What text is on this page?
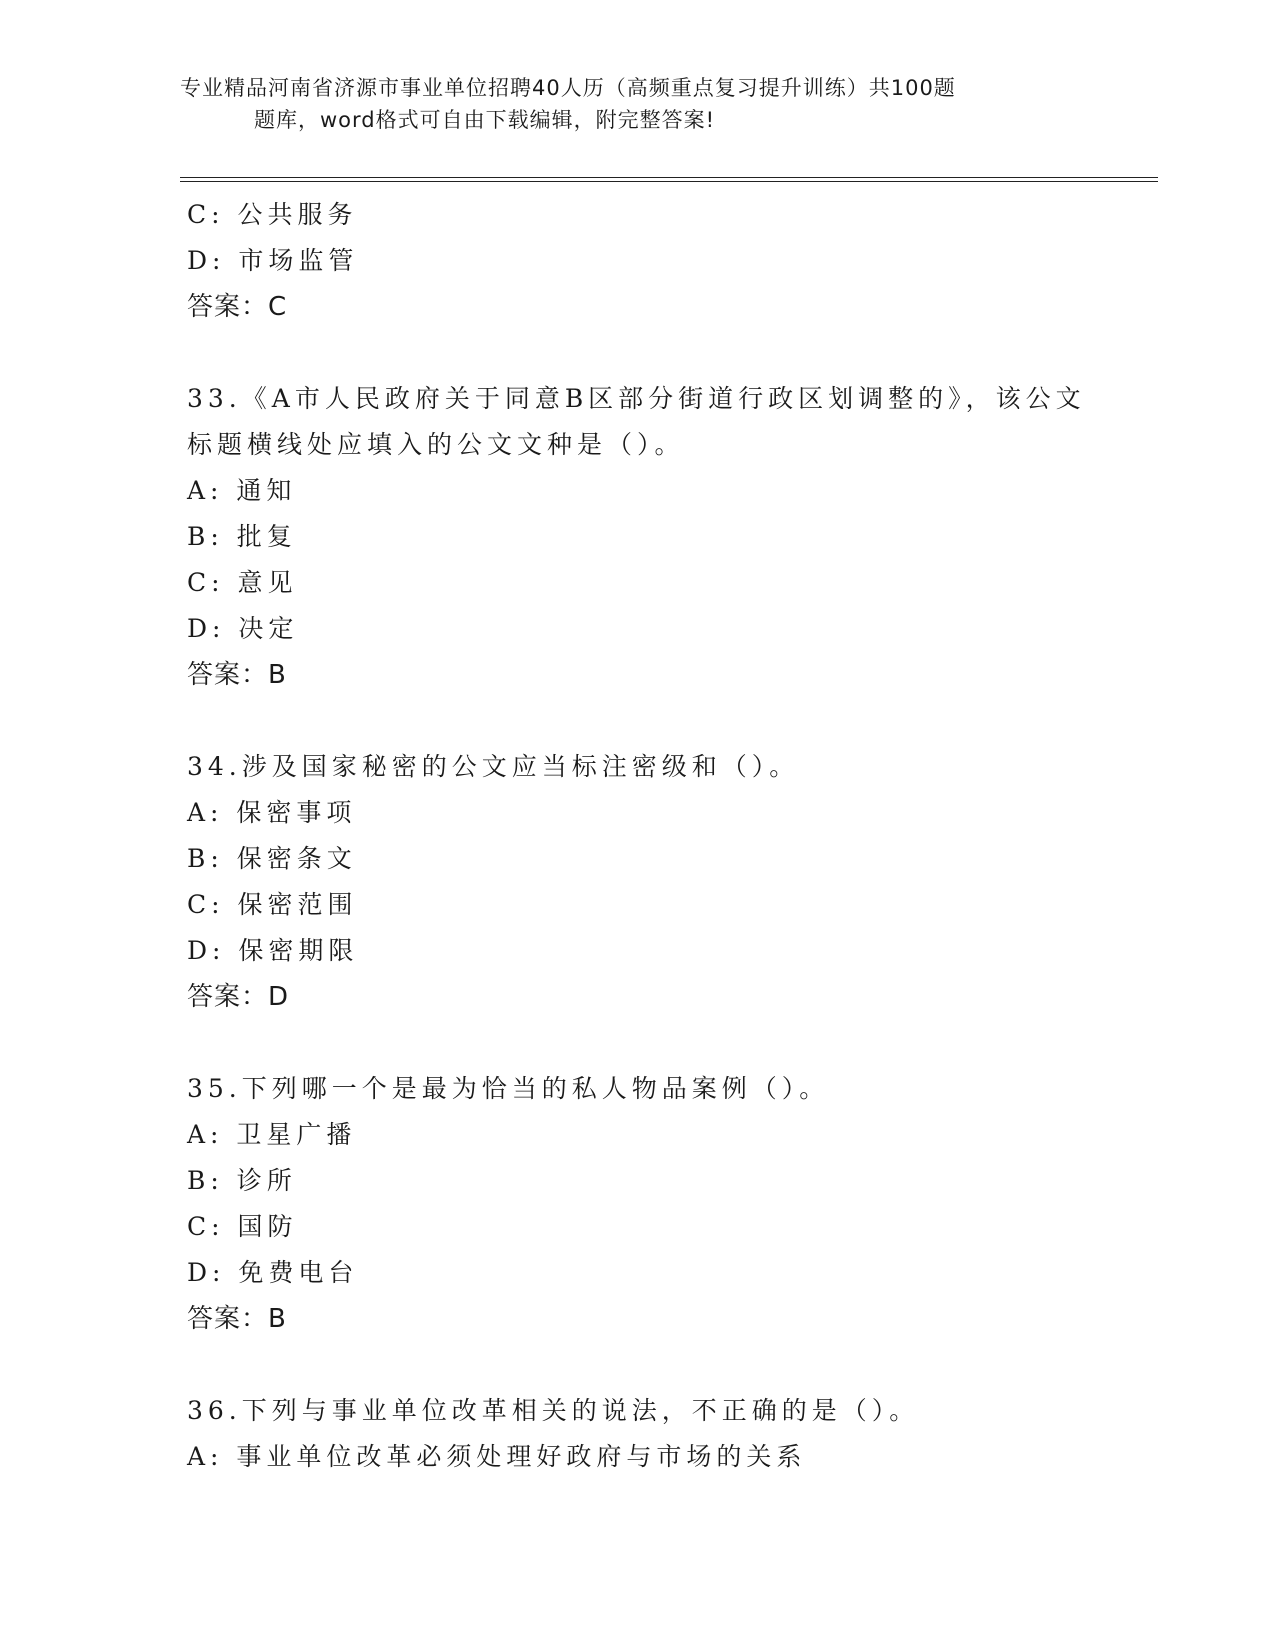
专业精品河南省济源市事业单位招聘40人历（高频重点复习提升训练）共100题
题库，word格式可自由下载编辑，附完整答案!
C: 公共服务
D: 市场监管
答案：C
33.《A市人民政府关于同意B区部分街道行政区划调整的》，该公文
标题横线处应填入的公文文种是（）。
A: 通知
B: 批复
C: 意见
D: 决定
答案：B
34.涉及国家秘密的公文应当标注密级和（）。
A: 保密事项
B: 保密条文
C: 保密范围
D: 保密期限
答案：D
35.下列哪一个是最为恰当的私人物品案例（）。
A: 卫星广播
B: 诊所
C: 国防
D: 免费电台
答案：B
36.下列与事业单位改革相关的说法，不正确的是（）。
A: 事业单位改革必须处理好政府与市场的关系
